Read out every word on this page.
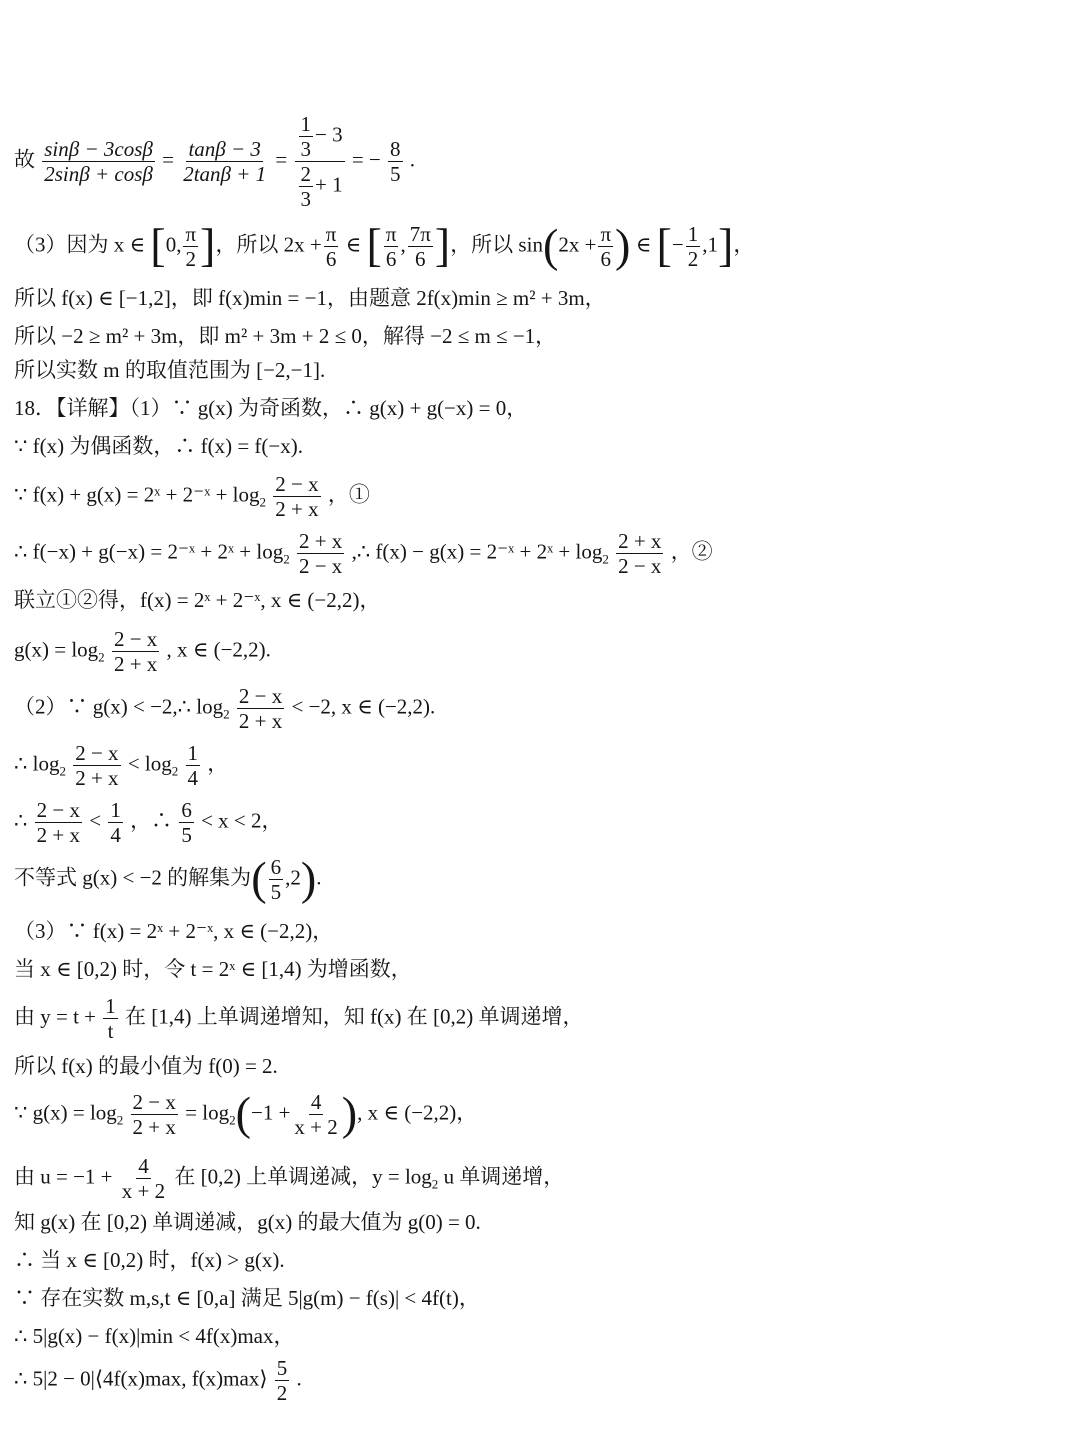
故 $\frac{\sin\beta - 3\cos\beta}{2\sin\beta + \cos\beta} = \frac{\tan\beta - 3}{2\tan\beta + 1} = \frac{\frac{1}{3} - 3}{\frac{2}{3} + 1}$ = − $\frac{8}{5}$ .
（3）因为 x ∈ [0, $\frac{\pi}{2}$ ]，所以 $2x + \frac{\pi}{6}$ ∈ [ $\frac{\pi}{6}$ , $\frac{7\pi}{6}$ ]，所以 $\sin(2x + \frac{\pi}{6}$ ) ∈ [− $\frac{1}{2} ,1$]，
所以 f(x) ∈ [−1,2]，即 f(x)min = −1，由题意 2f(x)min ≥ m² + 3m，
所以 −2 ≥ m² + 3m，即 m² + 3m + 2 ≤ 0，解得 −2 ≤ m ≤ −1，
所以实数 m 的取值范围为 [−2,−1].
18．【详解】（1）∵ g(x) 为奇函数，∴ g(x) + g(−x) = 0，
∵ f(x) 为偶函数，∴ f(x) = f(−x).
∵ f(x) + g(x) = 2ˣ + 2⁻ˣ + $\log_2 \frac{2 - x}{2 + x}$ ，①
∴ f(−x) + g(−x) = 2⁻ˣ + 2ˣ + $\log_2 \frac{2 + x}{2 - x}$ ,∴ f(x) − g(x) = 2⁻ˣ + 2ˣ + $\log_2 \frac{2 + x}{2 - x}$ ，②
联立①②得，f(x) = 2ˣ + 2⁻ˣ, x ∈ (−2,2)，
$g(x) = \log_2 \frac{2 - x}{2 + x}$ , x ∈ (−2,2).
（2）∵ g(x) < −2,∴ $\log_2 \frac{2 - x}{2 + x} < -2$, x ∈ (−2,2).
∴ $\log_2 \frac{2 - x}{2 + x} < \log_2 \frac{1}{4}$ ，
∴ $\frac{2 - x}{2 + x} < \frac{1}{4}$ ，∴ $\frac{6}{5} < x < 2$，
不等式 g(x) < −2 的解集为( $\frac{6}{5} ,2$).
（3）∵ f(x) = 2ˣ + 2⁻ˣ, x ∈ (−2,2)，
当 x ∈ [0,2) 时，令 t = 2ˣ ∈ [1,4) 为增函数，
由 $y = t + \frac{1}{t}$ 在 [1,4) 上单调递增知，知 f(x) 在 [0,2) 单调递增，
所以 f(x) 的最小值为 f(0) = 2.
∵ $g(x) = \log_2 \frac{2 - x}{2 + x} = \log_2(-1 + \frac{4}{x + 2}$ ), x ∈ (−2,2)，
由 $u = -1 + \frac{4}{x + 2}$ 在 [0,2) 上单调递减，$y = \log_2 u$ 单调递增，
知 g(x) 在 [0,2) 单调递减，g(x) 的最大值为 g(0) = 0.
∴ 当 x ∈ [0,2) 时，f(x) > g(x).
∵ 存在实数 m,s,t ∈ [0,a] 满足 5|g(m) − f(s)| < 4f(t)，
∴ 5|g(x) − f(x)|min < 4f(x)max，
∴ 5|2 − 0|⟨4f(x)max, f(x)max⟩ $\frac{5}{2}$ .
